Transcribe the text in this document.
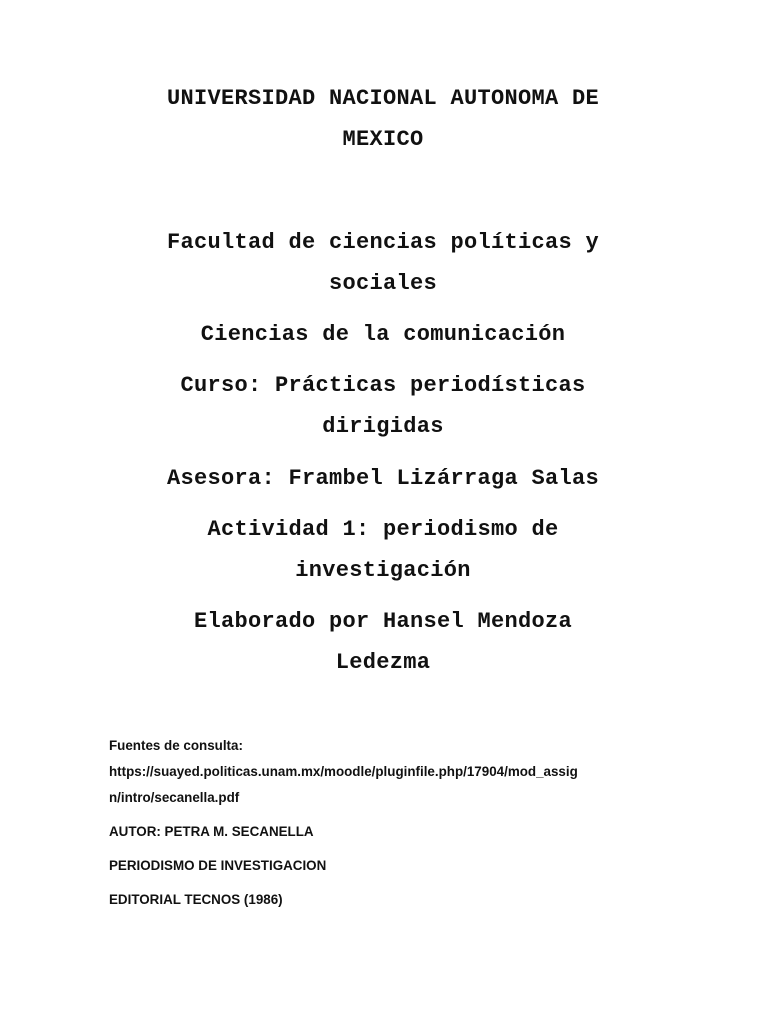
UNIVERSIDAD NACIONAL AUTONOMA DE
MEXICO
Facultad de ciencias políticas y
sociales
Ciencias de la comunicación
Curso: Prácticas periodísticas
dirigidas
Asesora: Frambel Lizárraga Salas
Actividad 1: periodismo de
investigación
Elaborado por Hansel Mendoza
Ledezma
Fuentes de consulta:
https://suayed.politicas.unam.mx/moodle/pluginfile.php/17904/mod_assig
n/intro/secanella.pdf
AUTOR: PETRA M. SECANELLA
PERIODISMO DE INVESTIGACION
EDITORIAL TECNOS (1986)
